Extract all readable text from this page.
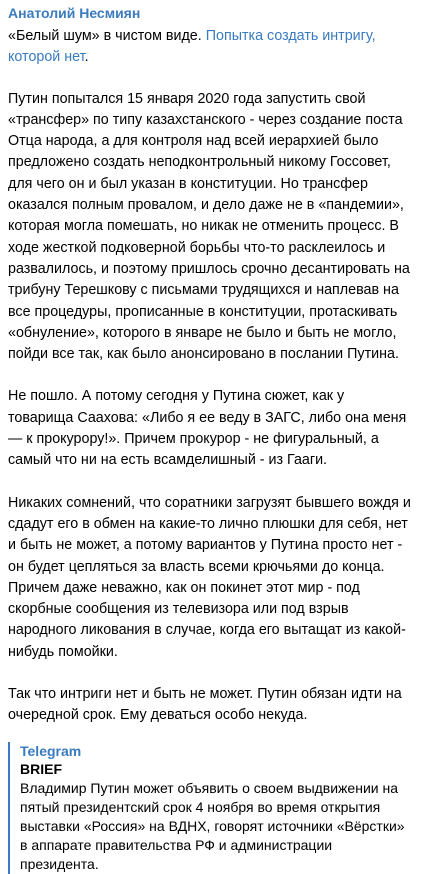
Анатолий Несмиян
«Белый шум» в чистом виде. Попытка создать интригу, которой нет.
Путин попытался 15 января 2020 года запустить свой «трансфер» по типу казахстанского - через создание поста Отца народа, а для контроля над всей иерархией было предложено создать неподконтрольный никому Госсовет, для чего он и был указан в конституции. Но трансфер оказался полным провалом, и дело даже не в «пандемии», которая могла помешать, но никак не отменить процесс. В ходе жесткой подковерной борьбы что-то расклеилось и развалилось, и поэтому пришлось срочно десантировать на трибуну Терешкову с письмами трудящихся и наплевав на все процедуры, прописанные в конституции, протаскивать «обнуление», которого в январе не было и быть не могло, пойди все так, как было анонсировано в послании Путина.
Не пошло. А потому сегодня у Путина сюжет, как у товарища Саахова: «Либо я ее веду в ЗАГС, либо она меня — к прокурору!». Причем прокурор - не фигуральный, а самый что ни на есть всамделишный - из Гааги.
Никаких сомнений, что соратники загрузят бывшего вождя и сдадут его в обмен на какие-то лично плюшки для себя, нет и быть не может, а потому вариантов у Путина просто нет - он будет цепляться за власть всеми крючьями до конца. Причем даже неважно, как он покинет этот мир - под скорбные сообщения из телевизора или под взрыв народного ликования в случае, когда его вытащат из какой-нибудь помойки.
Так что интриги нет и быть не может. Путин обязан идти на очередной срок. Ему деваться особо некуда.
Telegram
BRIEF
Владимир Путин может объявить о своем выдвижении на пятый президентский срок 4 ноября во время открытия выставки «Россия» на ВДНХ, говорят источники «Вёрстки» в аппарате правительства РФ и администрации президента.
